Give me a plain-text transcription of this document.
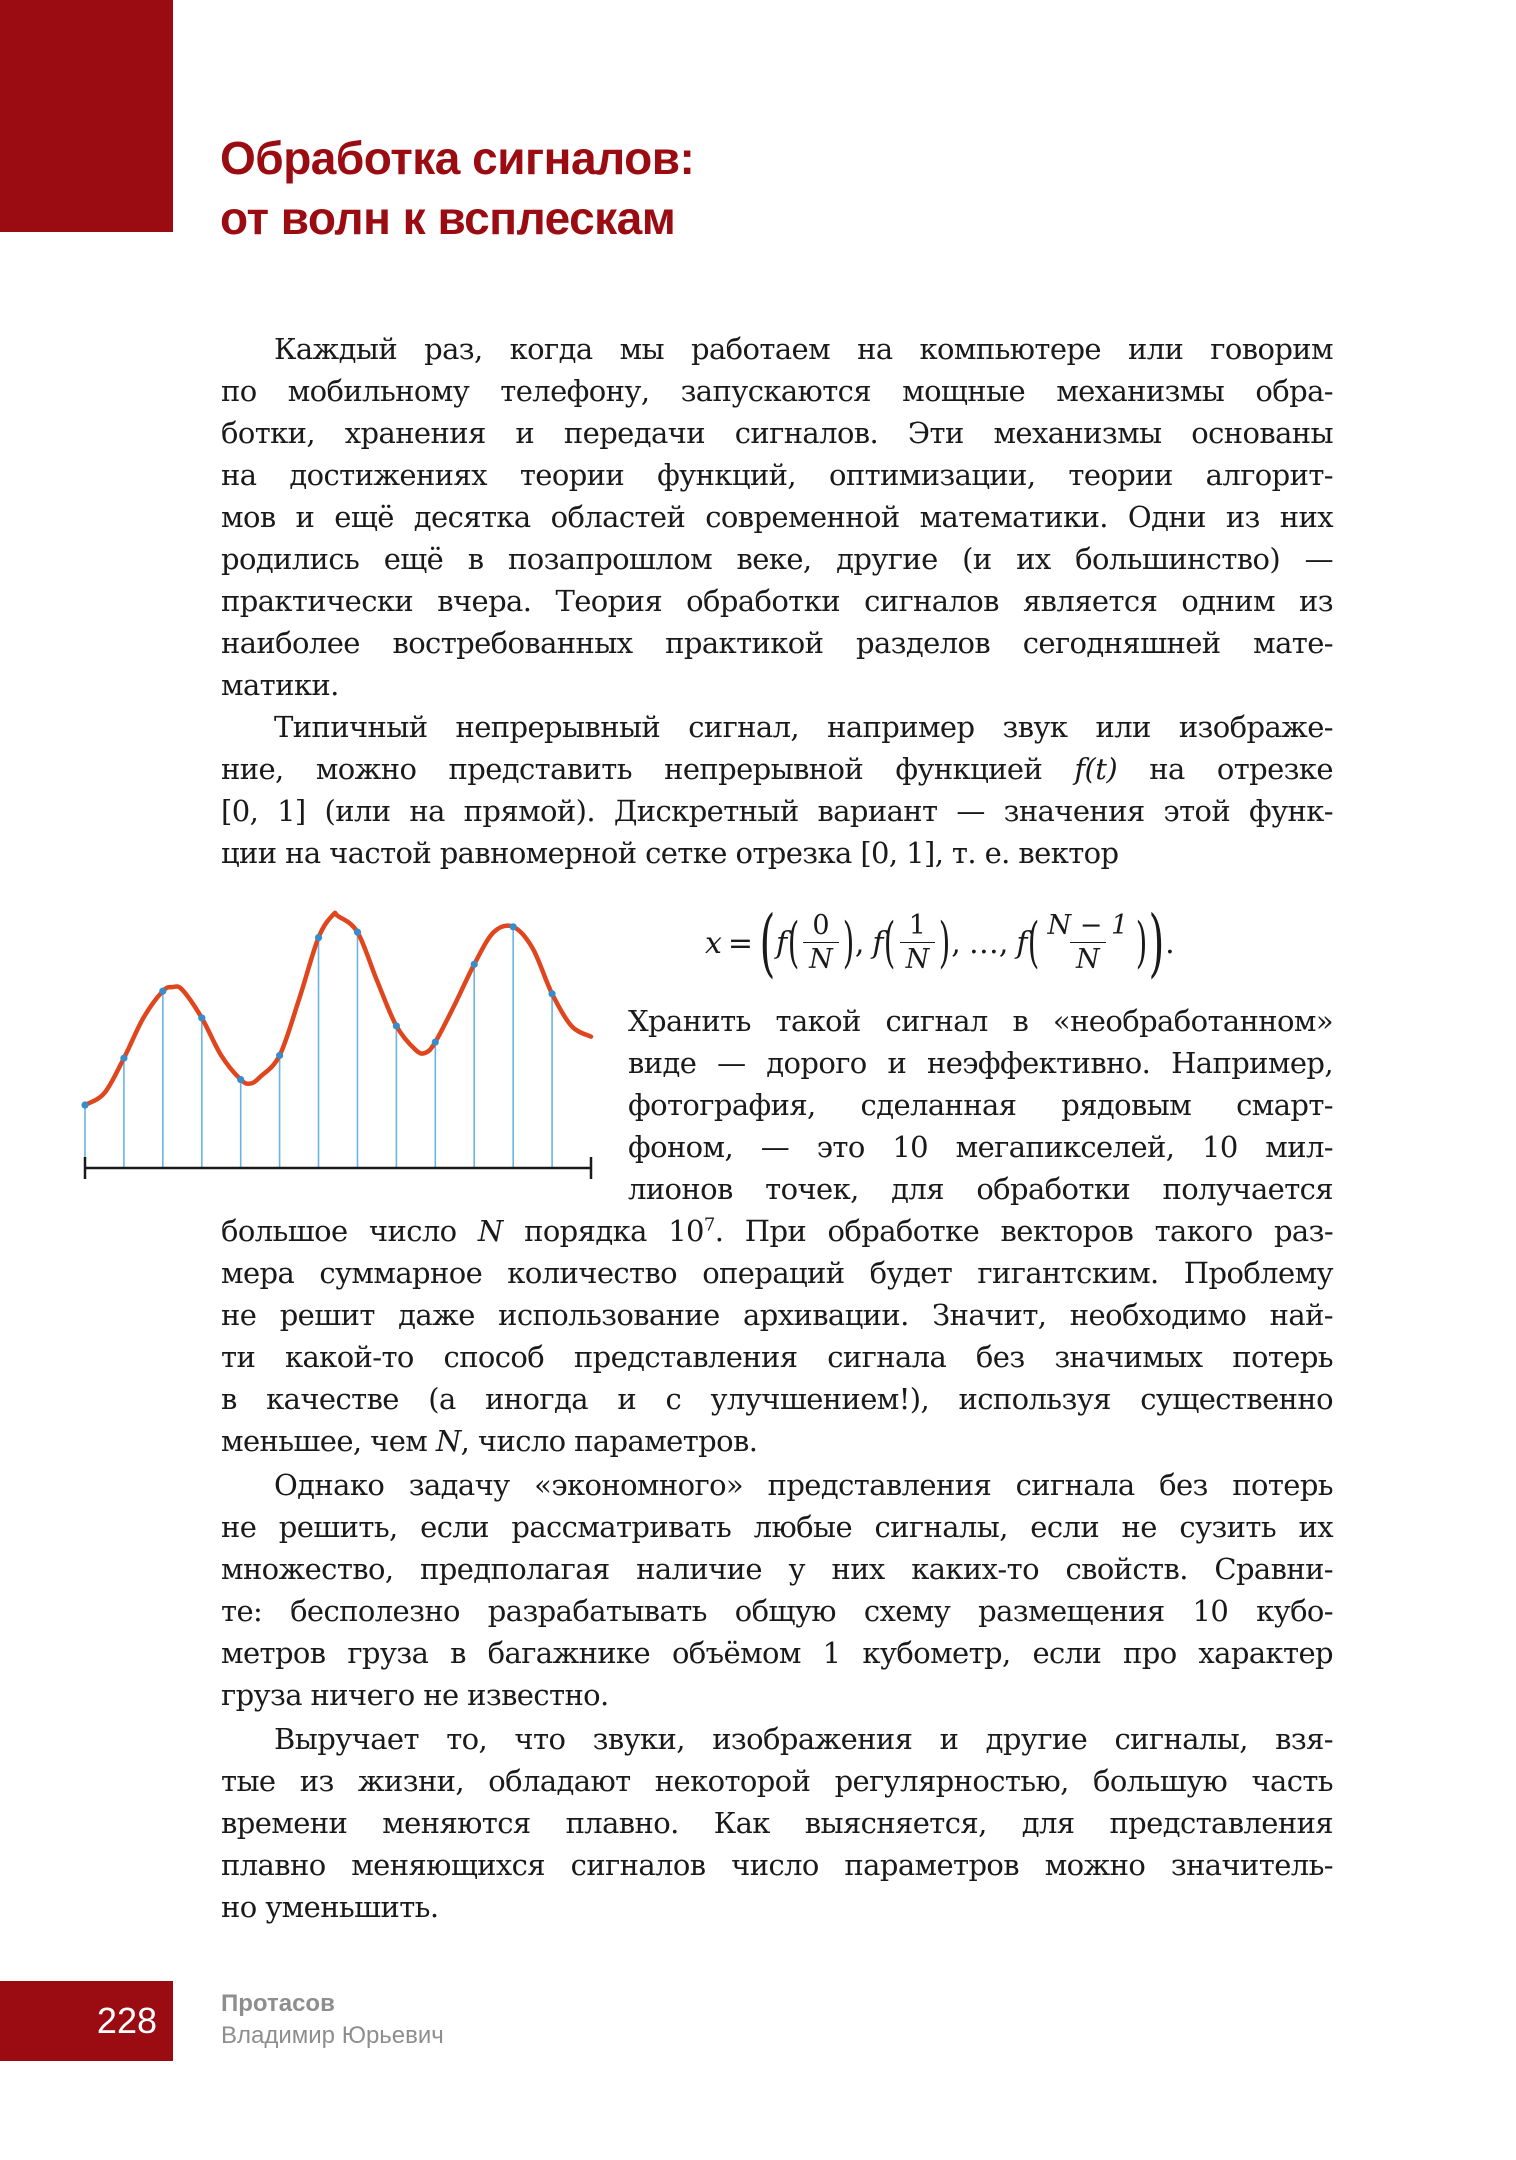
Обработка сигналов:
от волн к всплескам
Каждый раз, когда мы работаем на компьютере или говорим
по мобильному телефону, запускаются мощные механизмы обра-
ботки, хранения и передачи сигналов. Эти механизмы основаны
на достижениях теории функций, оптимизации, теории алгорит-
мов и ещё десятка областей современной математики. Одни из них
родились ещё в позапрошлом веке, другие (и их большинство) —
практически вчера. Теория обработки сигналов является одним из
наиболее востребованных практикой разделов сегодняшней мате-
матики.
Типичный непрерывный сигнал, например звук или изображе-
ние, можно представить непрерывной функцией f(t) на отрезке
[0, 1] (или на прямой). Дискретный вариант — значения этой функ-
ции на частой равномерной сетке отрезка [0, 1], т. е. вектор
x = ( f ( $\frac{0}{N}$ ) , f ( $\frac{1}{N}$ ) , …, f ( $\frac{N - 1}{N}$ ) ) .
Хранить такой сигнал в «необработанном»
виде — дорого и неэффективно. Например,
фотография, сделанная рядовым смарт-
фоном, — это 10 мегапикселей, 10 мил-
лионов точек, для обработки получается
большое число N порядка $10^7$. При обработке векторов такого раз-
мера суммарное количество операций будет гигантским. Проблему
не решит даже использование архивации. Значит, необходимо най-
ти какой-то способ представления сигнала без значимых потерь
в качестве (а иногда и с улучшением!), используя существенно
меньшее, чем N, число параметров.
Однако задачу «экономного» представления сигнала без потерь
не решить, если рассматривать любые сигналы, если не сузить их
множество, предполагая наличие у них каких-то свойств. Сравни-
те: бесполезно разрабатывать общую схему размещения 10 кубо-
метров груза в багажнике объёмом 1 кубометр, если про характер
груза ничего не известно.
Выручает то, что звуки, изображения и другие сигналы, взя-
тые из жизни, обладают некоторой регулярностью, большую часть
времени меняются плавно. Как выясняется, для представления
плавно меняющихся сигналов число параметров можно значитель-
но уменьшить.
228	Протасов
Владимир Юрьевич
